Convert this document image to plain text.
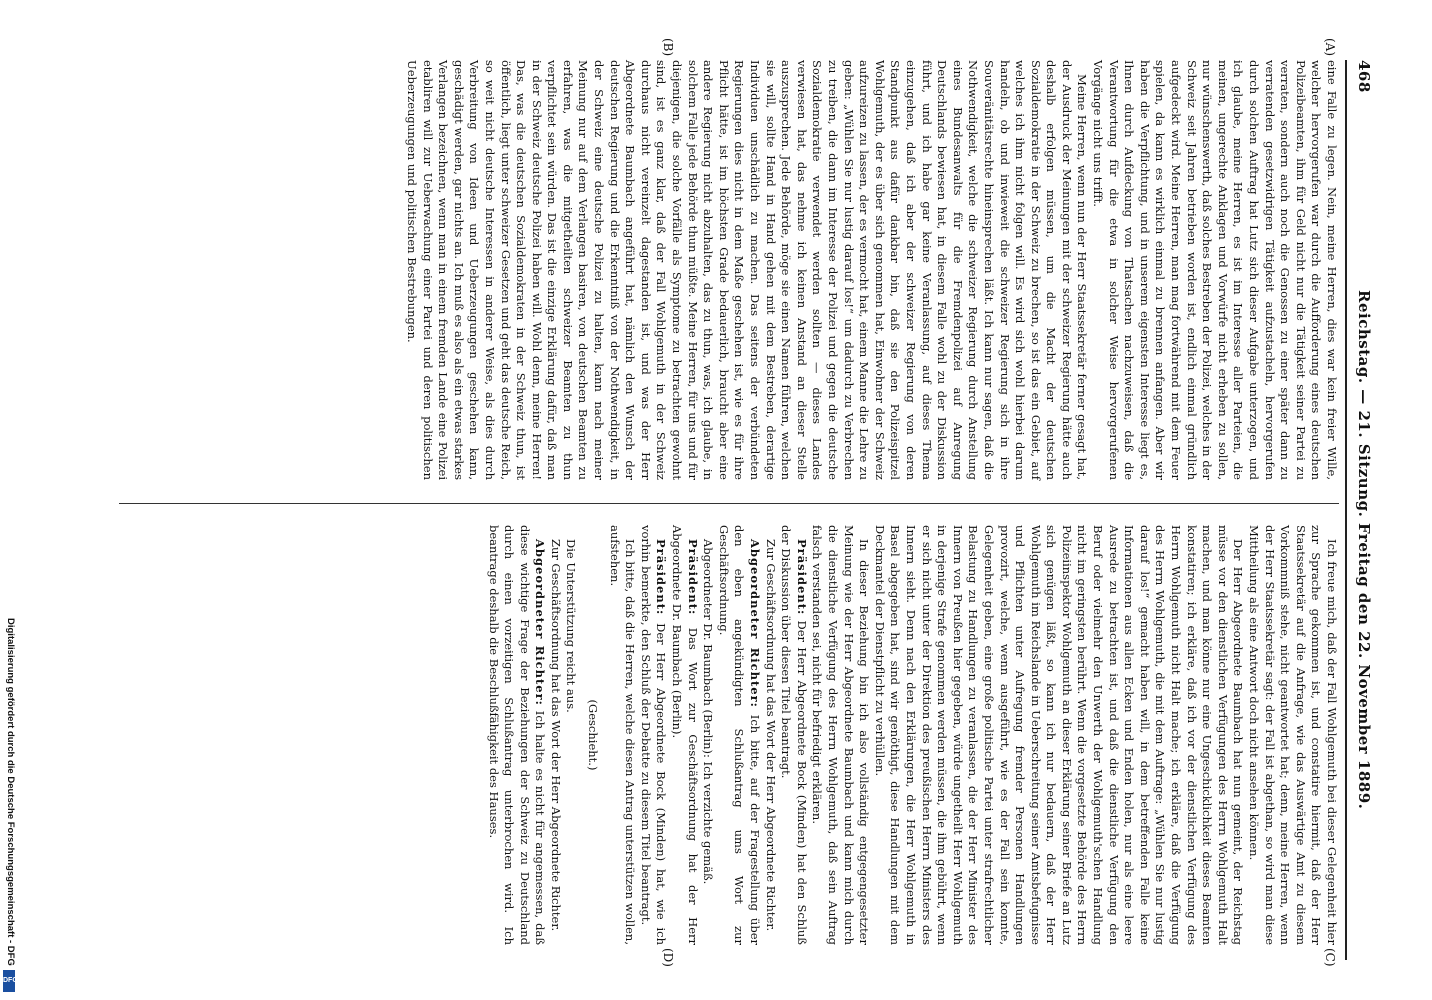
468
Reichstag. — 21. Sitzung. Freitag den 22. November 1889.

eine Falle zu legen. Nein, meine Herren, dies war kein freier Wille, welcher hervorgerufen war durch die Aufforderung eines deutschen Polizeibeamten, ihm für Geld nicht nur die Tätigkeit seiner Partei zu verraten, sondern auch noch die Genossen zu einer später dann zu verratenden gesetzwidrigen Tätigkeit aufzustacheln, hervorgerufen durch solchen Auftrag hat Lutz sich dieser Aufgabe unterzogen, und ich glaube, meine Herren, es ist im Interesse aller Parteien, die meinen, ungerechte Anklagen und Vorwürfe nicht erheben zu sollen, nur wünschenswerth, daß solches Bestreben der Polizei, welches in der Schweiz seit Jahren betrieben worden ist, endlich einmal gründlich aufgedeckt wird. Meine Herren, man mag fortwährend mit dem Feuer spielen, da kann es wirklich einmal zu brennen anfangen. Aber wir haben die Verpflichtung, und in unserem eigensten Interesse liegt es, Ihnen durch Aufdeckung von Thatsachen nachzuweisen, daß die Verantwortung für die etwa in solcher Weise hervorgerufenen Vorgänge nicht uns trifft.

Meine Herren, wenn nun der Herr Staatssekretär ferner gesagt hat, der Ausdruck der Meinungen mit der schweizer Regierung hätte auch deshalb erfolgen müssen, um die Macht der deutschen Sozialdemokratie in der Schweiz zu brechen, so ist das ein Gebiet, auf welches ich ihm nicht folgen will. Es wird sich wohl hierbei darum handeln, ob und inwieweit die schweizer Regierung sich in ihre Souveränitätsrechte hineinsprechen läßt. Ich kann nur sagen, daß die Nothwendigkeit, welche die schweizer Regierung durch Anstellung eines Bundesanwalts für die Fremdenpolizei auf Anregung Deutschlands bewiesen hat, in diesem Falle wohl zu der Diskussion führt, und ich habe gar keine Veranlassung, auf dieses Thema einzugehen, daß ich aber der schweizer Regierung von deren Standpunkt aus dafür dankbar bin, daß sie den Polizeispitzel Wohlgemuth, der es über sich genommen hat, Einwohner der Schweiz aufzureizen zu lassen, der es vermocht hat, einem Manne die Lehre zu geben: „Wühlen Sie nur lustig darauf los!“ um dadurch zu Verbrechen zu treiben, die dann im Interesse der Polizei und gegen die deutsche Sozialdemokratie verwendet werden sollten — dieses Landes verwiesen hat, das nehme ich keinen Anstand an dieser Stelle auszusprechen. Jede Behörde, möge sie einen Namen führen, welchen sie will, sollte Hand in Hand gehen mit dem Bestreben, derartige Individuen unschädlich zu machen. Das seitens der verbündeten Regierungen dies nicht in dem Maße geschehen ist, wie es für ihre Pflicht hätte, ist im höchsten Grade bedauerlich, braucht aber eine andere Regierung nicht abzuhalten, das zu thun, was, ich glaube, in solchem Falle jede Behörde thun müßte. Meine Herren, für uns und für diejenigen, die solche Vorfälle als Symptome zu betrachten gewohnt sind, ist es ganz klar, daß der Fall Wohlgemuth in der Schweiz durchaus nicht vereinzelt dagestanden ist, und was der Herr Abgeordnete Baumbach angeführt hat, nämlich den Wunsch der deutschen Regierung und die Erkenntniß von der Nothwendigkeit, in der Schweiz eine deutsche Polizei zu halten, kann nach meiner Meinung nur auf dem Verlangen basiren, von deutschen Beamten zu erfahren, was die mitgetheilten schweizer Beamten zu thun verpflichtet sein würden. Das ist die einzige Erklärung dafür, daß man in der Schweiz deutsche Polizei haben will. Wohl denn, meine Herren! Das, was die deutschen Sozialdemokraten in der Schweiz thun, ist öffentlich, liegt unter schweizer Gesetzen und geht das deutsche Reich, so weit nicht deutsche Interessen in anderer Weise, als dies durch Verbreitung von Ideen und Ueberzeugungen geschehen kann, geschädigt werden, gar nichts an. Ich muß es also als ein etwas starkes Verlangen bezeichnen, wenn man in einem fremden Lande eine Polizei etabliren will zur Ueberwachung einer Partei und deren politischen Ueberzeugungen und politischen Bestrebungen.

Ich freue mich, daß der Fall Wohlgemuth bei dieser Gelegenheit hier zur Sprache gekommen ist, und constatire hiermit, daß der Herr Staatssekretär auf die Anfrage, wie das Auswärtige Amt zu diesem Vorkommniß stehe, nicht geantwortet hat; denn, meine Herren, wenn der Herr Staatssekretär sagt: der Fall ist abgethan, so wird man diese Mittheilung als eine Antwort doch nicht ansehen können.

Der Herr Abgeordnete Baumbach hat nun gemeint, der Reichstag müsse vor den dienstlichen Verfügungen des Herrn Wohlgemuth Halt machen, und man könne nur eine Ungeschicklichkeit dieses Beamten konstatiren; ich erkläre, daß ich vor der dienstlichen Verfügung des Herrn Wohlgemuth nicht Halt mache; ich erkläre, daß die Verfügung des Herrn Wohlgemuth, die mit dem Auftrage: „Wühlen Sie nur lustig darauf los!“ gemacht haben will, in dem betreffenden Falle keine Informationen aus allen Ecken und Enden holen, nur als eine leere Ausrede zu betrachten ist, und daß die dienstliche Verfügung den Beruf oder vielmehr den Unwerth der Wohlgemuth'schen Handlung nicht im geringsten berührt. Wenn die vorgesetzte Behörde des Herrn Polizeiinspektor Wohlgemuth an dieser Erklärung seiner Briefe an Lutz sich genügen läßt, so kann ich nur bedauern, daß der Herr Wohlgemuth im Reichslande in Ueberschreitung seiner Amtsbefugnisse und Pflichten unter Aufregung fremder Personen Handlungen provozirt, welche, wenn ausgeführt, wie es der Fall sein konnte, Gelegenheit geben, eine große politische Partei unter strafrechtlicher Belastung zu Handlungen zu veranlassen, die der Herr Minister des Innern von Preußen hier gegeben, würde ungetheilt Herr Wohlgemuth in derjenige Strafe genommen werden müssen, die ihm gebührt, wenn er sich nicht unter der Direktion des preußischen Herrn Ministers des Innern sieht. Denn nach den Erklärungen, die Herr Wohlgemuth in Basel abgegeben hat, sind wir genöthigt, diese Handlungen mit dem Deckmantel der Dienstpflicht zu verhüllen.

In dieser Beziehung bin ich also vollständig entgegengesetzter Meinung wie der Herr Abgeordnete Baumbach und kann mich durch die dienstliche Verfügung des Herrn Wohlgemuth, daß sein Auftrag falsch verstanden sei, nicht für befriedigt erklären.

Präsident: Der Herr Abgeordnete Bock (Minden) hat den Schluß der Diskussion über diesen Titel beantragt.

Zur Geschäftsordnung hat das Wort der Herr Abgeordnete Richter.

Abgeordneter Richter: Ich bitte, auf der Fragestellung über den eben angekündigten Schlußantrag ums Wort zur Geschäftsordnung.

Abgeordneter Dr. Baumbach (Berlin): Ich verzichte gemäß.

Präsident: Das Wort zur Geschäftsordnung hat der Herr Abgeordnete Dr. Baumbach (Berlin).

Präsident: Der Herr Abgeordnete Bock (Minden) hat, wie ich vorhin bemerkte, den Schluß der Debatte zu diesem Titel beantragt.

Ich bitte, daß die Herren, welche diesen Antrag unterstützen wollen, aufstehen.

(Geschieht.)

Die Unterstützung reicht aus.

Zur Geschäftsordnung hat das Wort der Herr Abgeordnete Richter.

Abgeordneter Richter: Ich halte es nicht für angemessen, daß diese wichtige Frage der Beziehungen der Schweiz zu Deutschland durch einen vorzeitigen Schlußantrag unterbrochen wird. Ich beantrage deshalb die Beschlußfähigkeit des Hauses.

(A)
(B)
(C)
(D)
Digitalisierung gefördert durch die Deutsche Forschungsgemeinschaft - DFG
DFG
